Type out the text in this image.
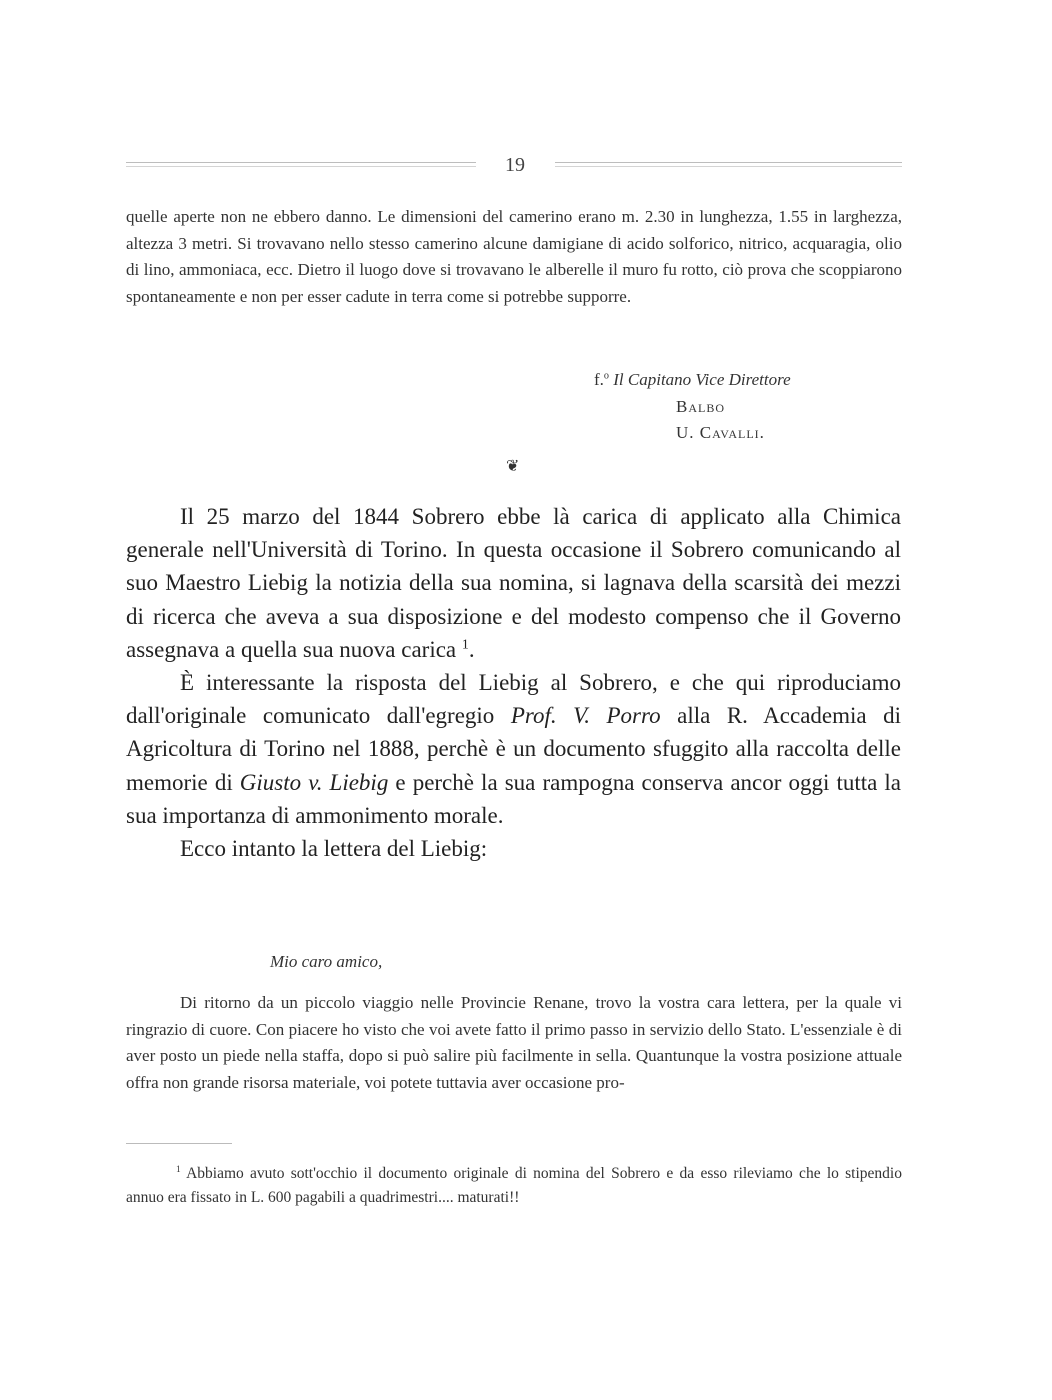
19

quelle aperte non ne ebbero danno. Le dimensioni del camerino erano m. 2.30 in lunghezza, 1.55 in larghezza, altezza 3 metri. Si trovavano nello stesso camerino alcune damigiane di acido solforico, nitrico, acquaragia, olio di lino, ammoniaca, ecc. Dietro il luogo dove si trovavano le alberelle il muro fu rotto, ciò prova che scoppiarono spontaneamente e non per esser cadute in terra come si potrebbe supporre.

f.$^o$ Il Capitano Vice Direttore
Balbo
U. Cavalli.
❦

Il 25 marzo del 1844 Sobrero ebbe là carica di applicato alla Chimica generale nell'Università di Torino. In questa occasione il Sobrero comunicando al suo Maestro Liebig la notizia della sua nomina, si lagnava della scarsità dei mezzi di ricerca che aveva a sua disposizione e del modesto compenso che il Governo assegnava a quella sua nuova carica $^1$.

È interessante la risposta del Liebig al Sobrero, e che qui riproduciamo dall'originale comunicato dall'egregio Prof. V. Porro alla R. Accademia di Agricoltura di Torino nel 1888, perchè è un documento sfuggito alla raccolta delle memorie di Giusto v. Liebig e perchè la sua rampogna conserva ancor oggi tutta la sua importanza di ammonimento morale.

Ecco intanto la lettera del Liebig:

Mio caro amico,

Di ritorno da un piccolo viaggio nelle Provincie Renane, trovo la vostra cara lettera, per la quale vi ringrazio di cuore. Con piacere ho visto che voi avete fatto il primo passo in servizio dello Stato. L'essenziale è di aver posto un piede nella staffa, dopo si può salire più facilmente in sella. Quantunque la vostra posizione attuale offra non grande risorsa materiale, voi potete tuttavia aver occasione pro-

$^1$ Abbiamo avuto sott'occhio il documento originale di nomina del Sobrero e da esso rileviamo che lo stipendio annuo era fissato in L. 600 pagabili a quadrimestri.... maturati!!
